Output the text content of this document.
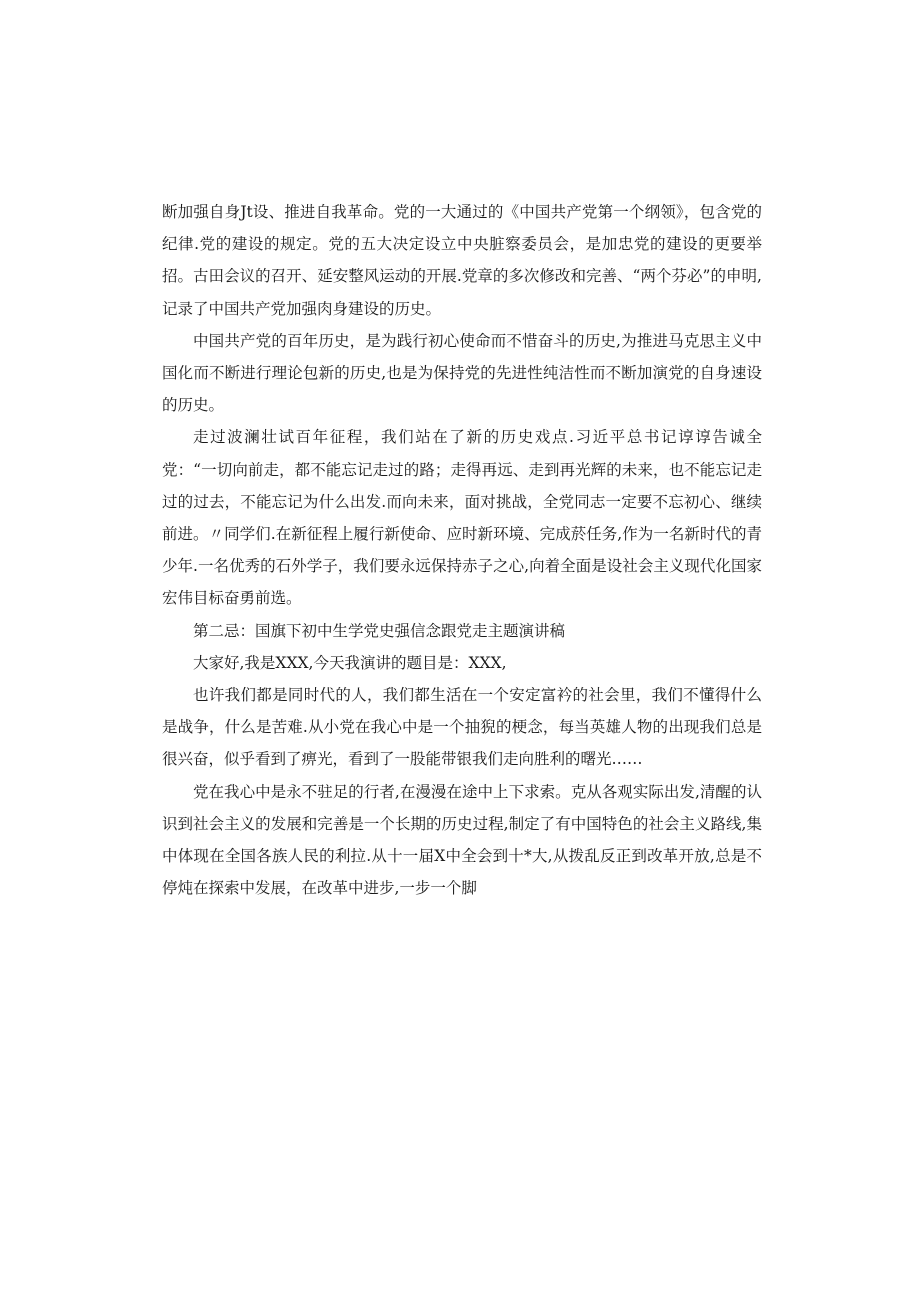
断加强自身Jt设、推进自我革命。党的一大通过的《中国共产党第一个纲领》，包含党的纪律.党的建设的规定。党的五大决定设立中央脏察委员会，是加忠党的建设的更要举招。古田会议的召开、延安整风运动的开展.党章的多次修改和完善、“两个芬必”的申明,记录了中国共产党加强肉身建设的历史。

中国共产党的百年历史，是为践行初心使命而不惜奋斗的历史,为推进马克思主义中国化而不断进行理论包新的历史,也是为保持党的先进性纯洁性而不断加演党的自身速设的历史。

走过波澜壮试百年征程，我们站在了新的历史戏点.习近平总书记谆谆告诚全党：“一切向前走，都不能忘记走过的路；走得再远、走到再光辉的未来，也不能忘记走过的过去，不能忘记为什么出发.而向未来，面对挑战，全党同志一定要不忘初心、继续前进。〃同学们.在新征程上履行新使命、应时新环境、完成菸任务,作为一名新时代的青少年.一名优秀的石外学子，我们要永远保持赤子之心,向着全面是设社会主义现代化国家宏伟目标奋勇前选。

第二忌：国旗下初中生学党史强信念跟党走主题演讲稿

大家好,我是XXX,今天我演讲的题目是：XXX,

也许我们都是同时代的人，我们都生活在一个安定富衿的社会里，我们不懂得什么是战争，什么是苦难.从小党在我心中是一个抽猊的梗念，每当英雄人物的出现我们总是很兴奋，似乎看到了痹光，看到了一股能带银我们走向胜利的曙光……

党在我心中是永不驻足的行者,在漫漫在途中上下求索。克从各观实际出发,清醒的认识到社会主义的发展和完善是一个长期的历史过程,制定了有中国特色的社会主义路线,集中体现在全国各族人民的利拉.从十一届X中全会到十*大,从拨乱反正到改革开放,总是不停炖在探索中发展，在改革中进步,一步一个脚
